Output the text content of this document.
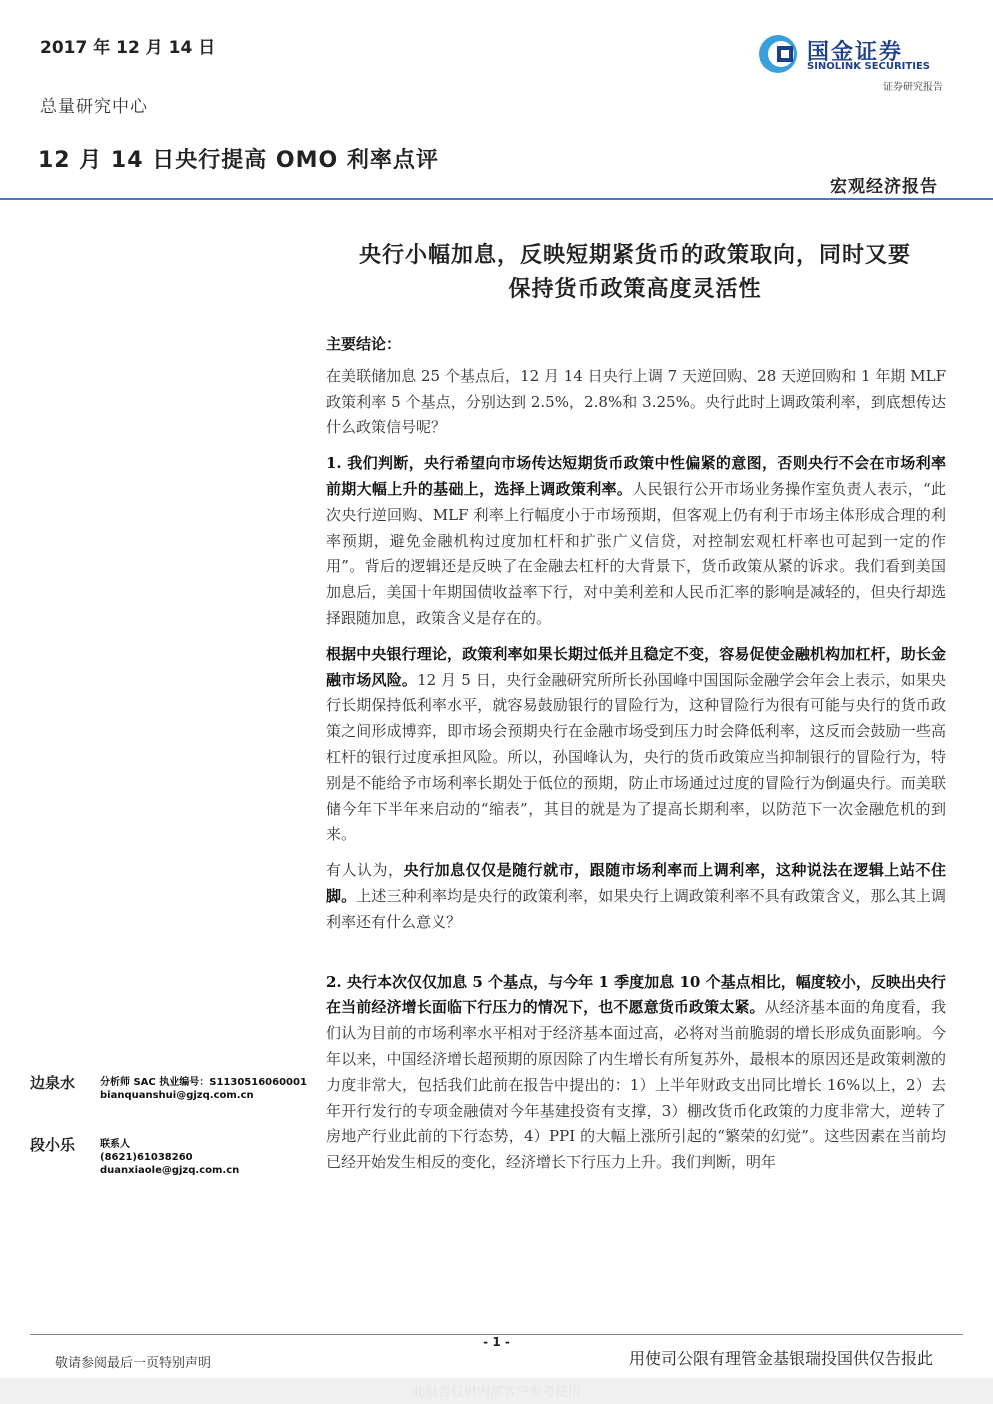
2017 年 12 月 14 日
总量研究中心
12 月 14 日央行提高 OMO 利率点评
国金证券
SINOLINK SECURITIES
证券研究报告
宏观经济报告
央行小幅加息，反映短期紧货币的政策取向，同时又要
保持货币政策高度灵活性
主要结论：

在美联储加息 25 个基点后，12 月 14 日央行上调 7 天逆回购、28 天逆回购和 1 年期 MLF 政策利率 5 个基点，分别达到 2.5%，2.8%和 3.25%。央行此时上调政策利率，到底想传达什么政策信号呢？

1. 我们判断，央行希望向市场传达短期货币政策中性偏紧的意图，否则央行不会在市场利率前期大幅上升的基础上，选择上调政策利率。人民银行公开市场业务操作室负责人表示，“此次央行逆回购、MLF 利率上行幅度小于市场预期，但客观上仍有利于市场主体形成合理的利率预期，避免金融机构过度加杠杆和扩张广义信贷，对控制宏观杠杆率也可起到一定的作用”。背后的逻辑还是反映了在金融去杠杆的大背景下，货币政策从紧的诉求。我们看到美国加息后，美国十年期国债收益率下行，对中美利差和人民币汇率的影响是减轻的，但央行却选择跟随加息，政策含义是存在的。

根据中央银行理论，政策利率如果长期过低并且稳定不变，容易促使金融机构加杠杆，助长金融市场风险。12 月 5 日，央行金融研究所所长孙国峰中国国际金融学会年会上表示，如果央行长期保持低利率水平，就容易鼓励银行的冒险行为，这种冒险行为很有可能与央行的货币政策之间形成博弈，即市场会预期央行在金融市场受到压力时会降低利率，这反而会鼓励一些高杠杆的银行过度承担风险。所以，孙国峰认为，央行的货币政策应当抑制银行的冒险行为，特别是不能给予市场利率长期处于低位的预期，防止市场通过过度的冒险行为倒逼央行。而美联储今年下半年来启动的“缩表”，其目的就是为了提高长期利率，以防范下一次金融危机的到来。

有人认为，央行加息仅仅是随行就市，跟随市场利率而上调利率，这种说法在逻辑上站不住脚。上述三种利率均是央行的政策利率，如果央行上调政策利率不具有政策含义，那么其上调利率还有什么意义？

2. 央行本次仅仅加息 5 个基点，与今年 1 季度加息 10 个基点相比，幅度较小，反映出央行在当前经济增长面临下行压力的情况下，也不愿意货币政策太紧。从经济基本面的角度看，我们认为目前的市场利率水平相对于经济基本面过高，必将对当前脆弱的增长形成负面影响。今年以来，中国经济增长超预期的原因除了内生增长有所复苏外，最根本的原因还是政策刺激的力度非常大，包括我们此前在报告中提出的：1）上半年财政支出同比增长 16%以上，2）去年开行发行的专项金融债对今年基建投资有支撑，3）棚改货币化政策的力度非常大，逆转了房地产行业此前的下行态势，4）PPI 的大幅上涨所引起的“繁荣的幻觉”。这些因素在当前均已经开始发生相反的变化，经济增长下行压力上升。我们判断，明年

边泉水 分析师 SAC 执业编号：S1130516060001
bianquanshui@gjzq.com.cn
段小乐 联系人
(8621)61038260
duanxiaole@gjzq.com.cn
- 1 -
敬请参阅最后一页特别声明	用使司公限有理管金基银瑞投国供仅告报此
此报告仅供内部客户参考使用
